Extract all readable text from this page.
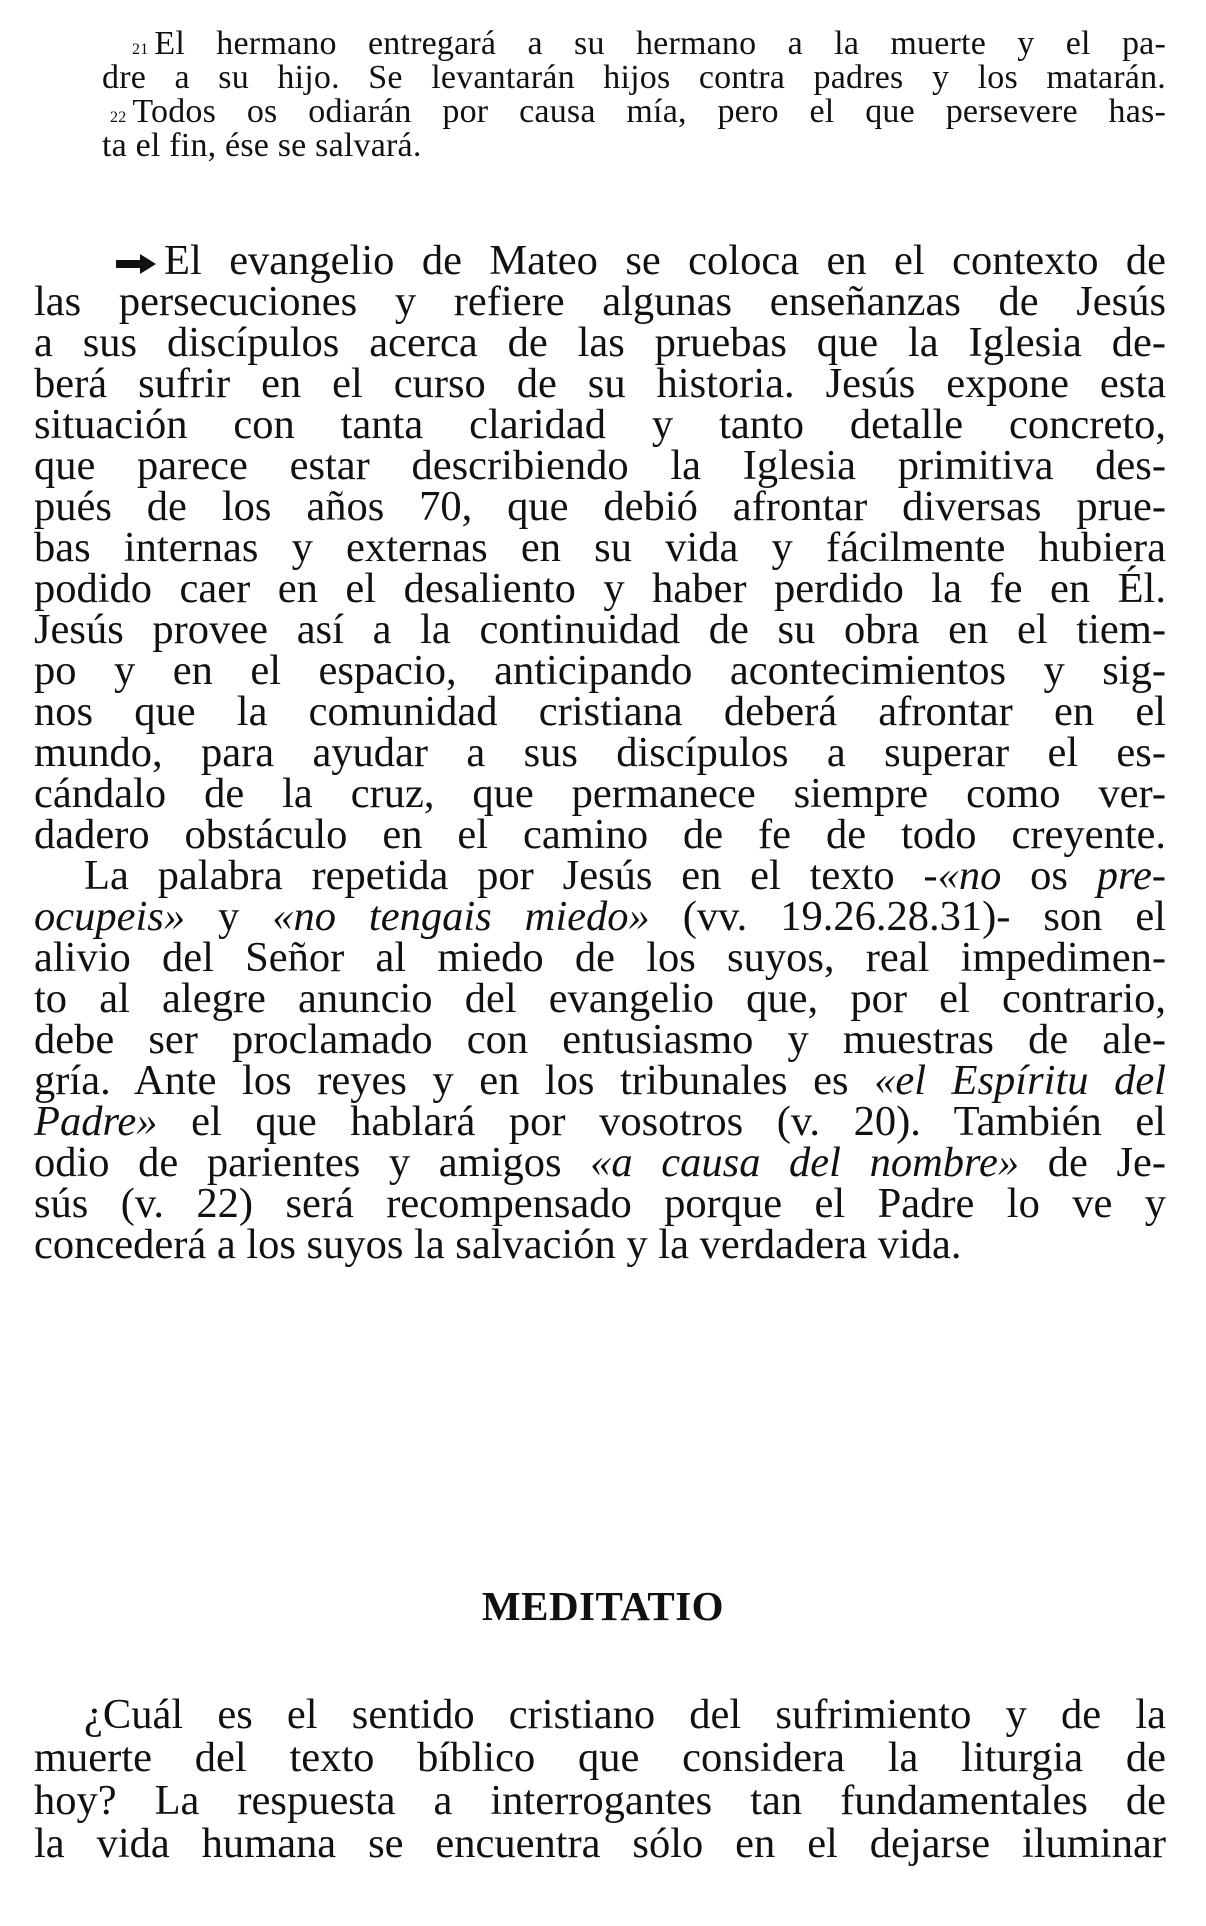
21 El hermano entregará a su hermano a la muerte y el pa-
dre a su hijo. Se levantarán hijos contra padres y los matarán.
22 Todos os odiarán por causa mía, pero el que persevere has-
ta el fin, ése se salvará.
El evangelio de Mateo se coloca en el contexto de
las persecuciones y refiere algunas enseñanzas de Jesús
a sus discípulos acerca de las pruebas que la Iglesia de-
berá sufrir en el curso de su historia. Jesús expone esta
situación con tanta claridad y tanto detalle concreto,
que parece estar describiendo la Iglesia primitiva des-
pués de los años 70, que debió afrontar diversas prue-
bas internas y externas en su vida y fácilmente hubiera
podido caer en el desaliento y haber perdido la fe en Él.
Jesús provee así a la continuidad de su obra en el tiem-
po y en el espacio, anticipando acontecimientos y sig-
nos que la comunidad cristiana deberá afrontar en el
mundo, para ayudar a sus discípulos a superar el es-
cándalo de la cruz, que permanece siempre como ver-
dadero obstáculo en el camino de fe de todo creyente.
La palabra repetida por Jesús en el texto -«no os pre-
ocupeis» y «no tengais miedo» (vv. 19.26.28.31)- son el
alivio del Señor al miedo de los suyos, real impedimen-
to al alegre anuncio del evangelio que, por el contrario,
debe ser proclamado con entusiasmo y muestras de ale-
gría. Ante los reyes y en los tribunales es «el Espíritu del
Padre» el que hablará por vosotros (v. 20). También el
odio de parientes y amigos «a causa del nombre» de Je-
sús (v. 22) será recompensado porque el Padre lo ve y
concederá a los suyos la salvación y la verdadera vida.
MEDITATIO
¿Cuál es el sentido cristiano del sufrimiento y de la
muerte del texto bíblico que considera la liturgia de
hoy? La respuesta a interrogantes tan fundamentales de
la vida humana se encuentra sólo en el dejarse iluminar
